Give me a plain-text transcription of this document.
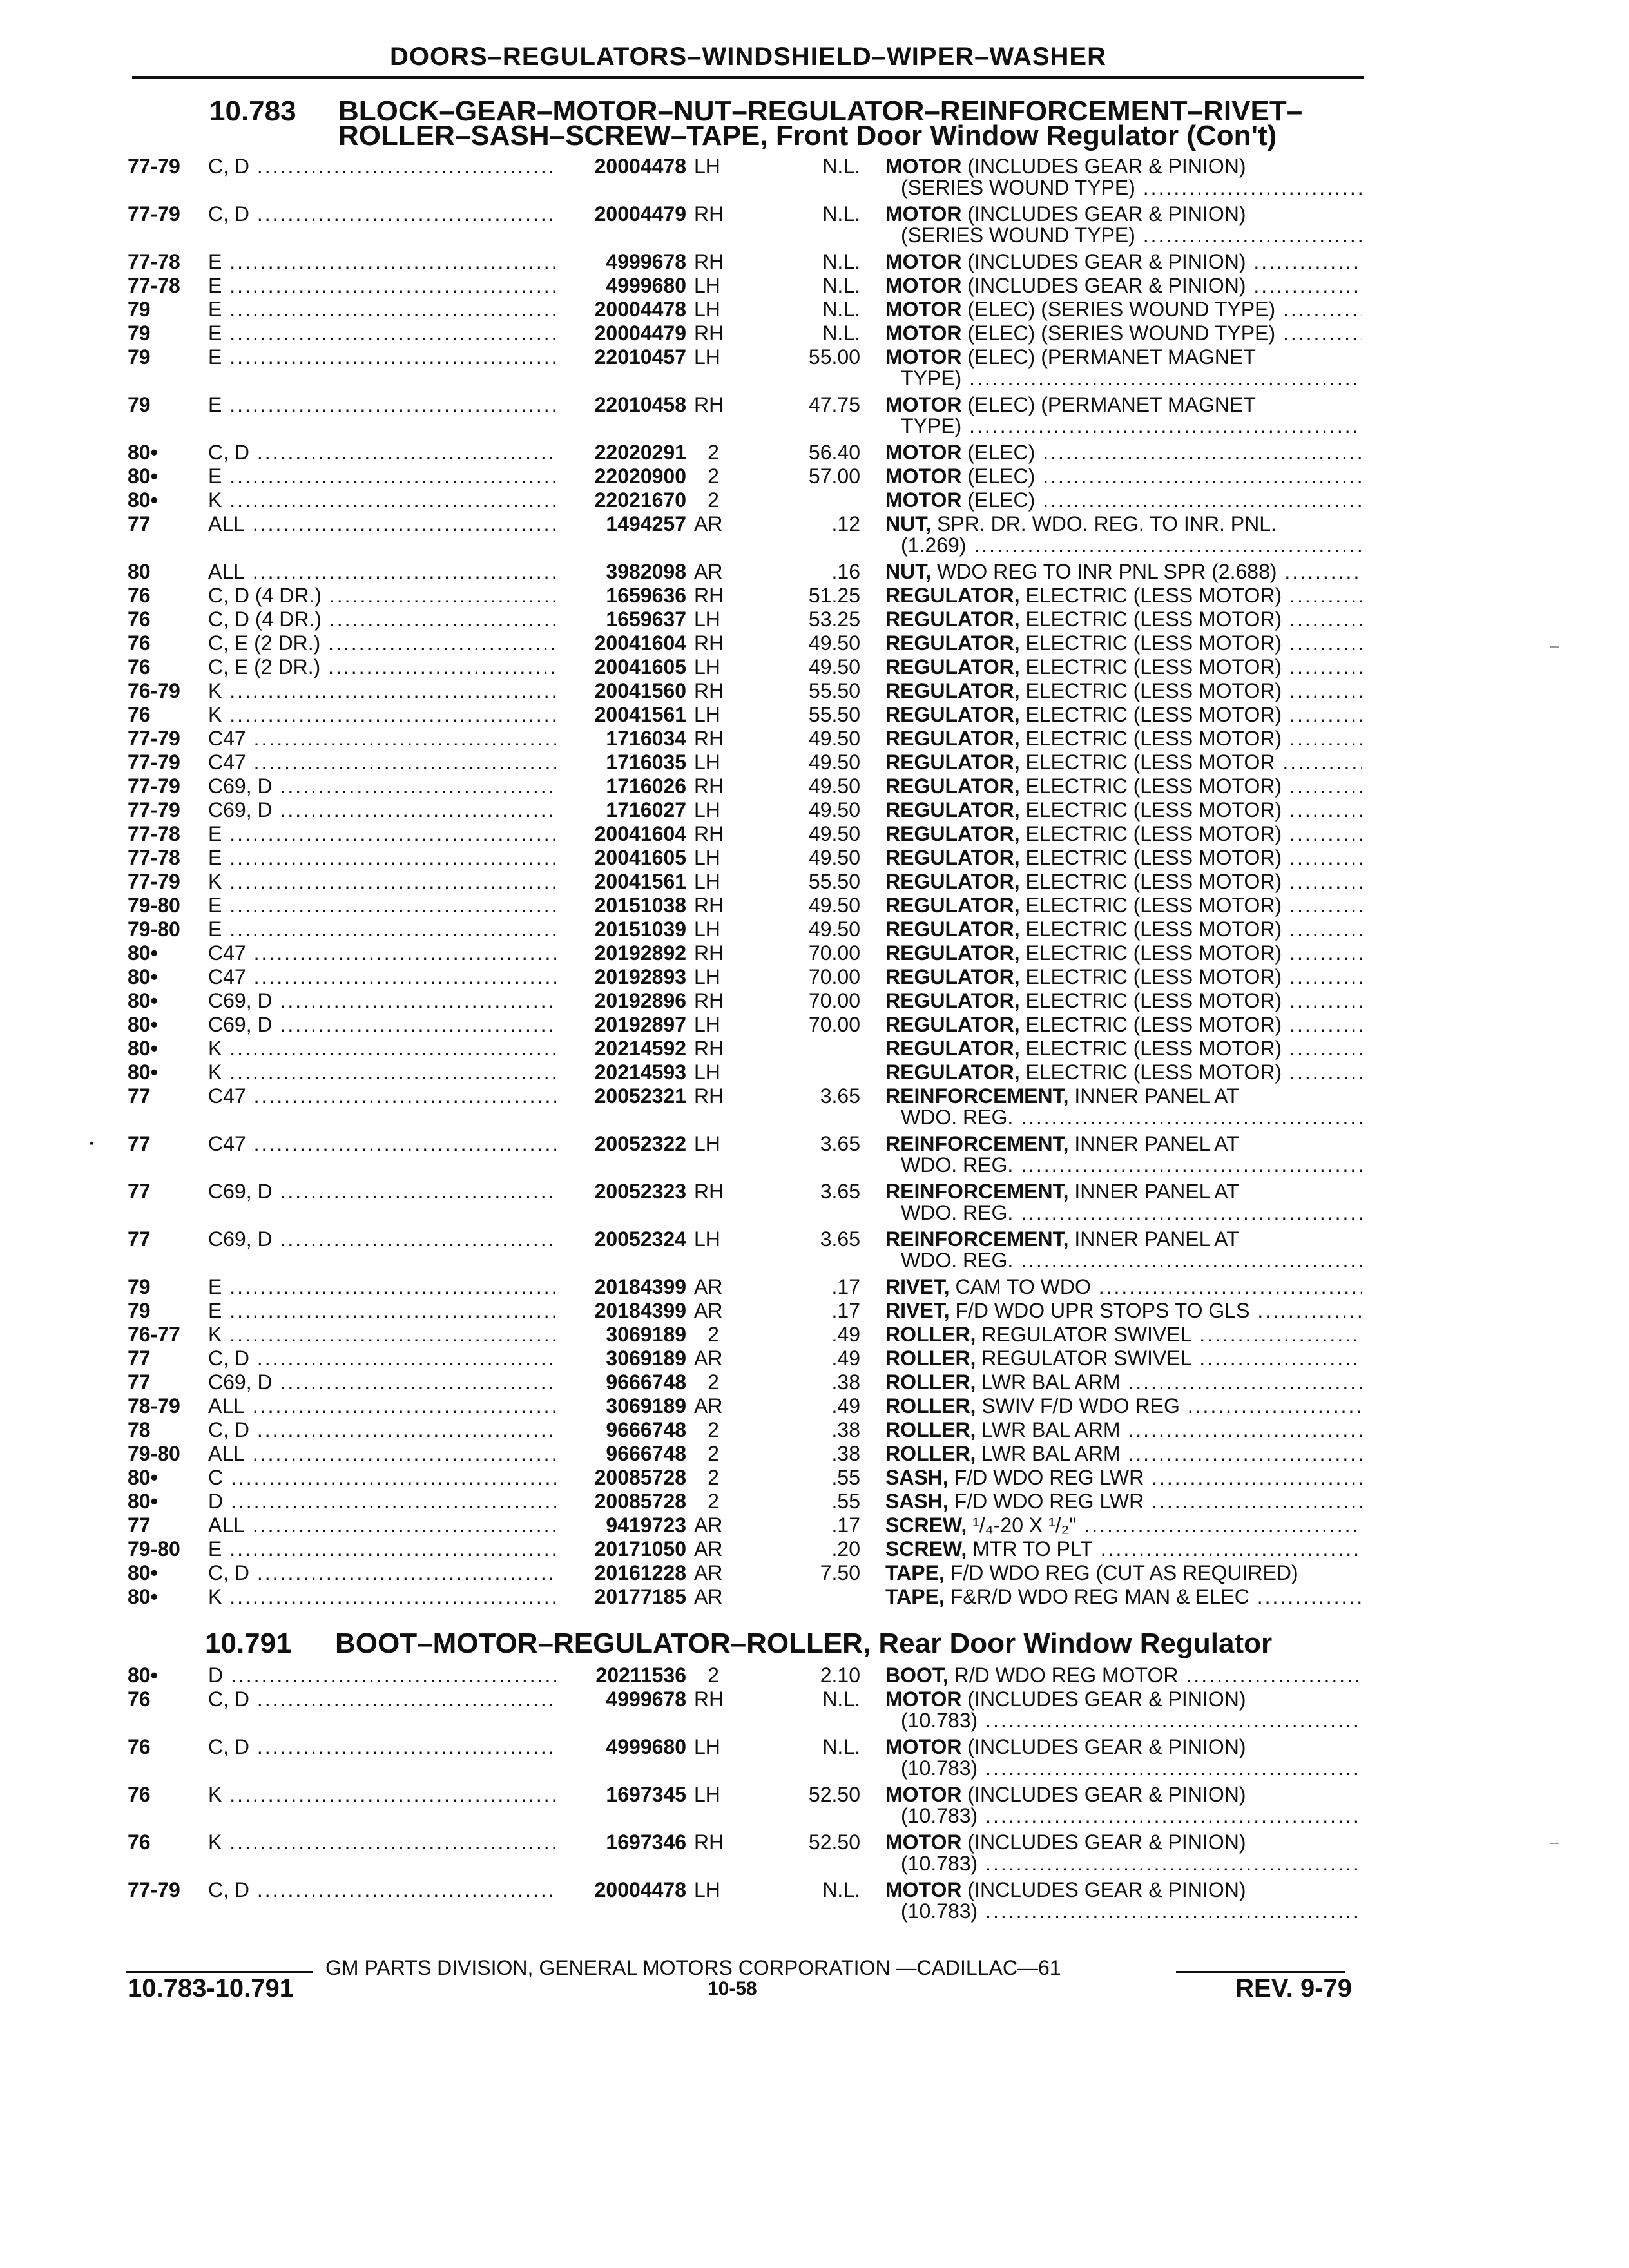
DOORS–REGULATORS–WINDSHIELD–WIPER–WASHER
10.783 BLOCK–GEAR–MOTOR–NUT–REGULATOR–REINFORCEMENT–RIVET–
ROLLER–SASH–SCREW–TAPE, Front Door Window Regulator (Con't)
77-79 C, D .....	20004478 LH	N.L. MOTOR (INCLUDES GEAR & PINION)
(SERIES WOUND TYPE) .....
77-79 C, D .....	20004479 RH	N.L. MOTOR (INCLUDES GEAR & PINION)
(SERIES WOUND TYPE) .....
77-78 E .....	4999678 RH	N.L. MOTOR (INCLUDES GEAR & PINION) .....
77-78 E .....	4999680 LH	N.L. MOTOR (INCLUDES GEAR & PINION) .....
79	E .....	20004478 LH	N.L. MOTOR (ELEC) (SERIES WOUND TYPE) .....
79	E .....	20004479 RH	N.L. MOTOR (ELEC) (SERIES WOUND TYPE) .....
79	E .....	22010457 LH	55.00 MOTOR (ELEC) (PERMANET MAGNET
TYPE) .....
79	E .....	22010458 RH	47.75 MOTOR (ELEC) (PERMANET MAGNET
TYPE) .....
80• C, D .....	22020291	2	56.40 MOTOR (ELEC) .....
80• E .....	22020900	2	57.00 MOTOR (ELEC) .....
80• K .....	22021670	2	MOTOR (ELEC) .....
77	ALL .....	1494257 AR	.12 NUT, SPR. DR. WDO. REG. TO INR. PNL.
(1.269) .....
80	ALL .....	3982098 AR	.16 NUT, WDO REG TO INR PNL SPR (2.688) .....
76	C, D (4 DR.) .....	1659636 RH	51.25 REGULATOR, ELECTRIC (LESS MOTOR) .....
76	C, D (4 DR.) .....	1659637 LH	53.25 REGULATOR, ELECTRIC (LESS MOTOR) .....
76	C, E (2 DR.) .....	20041604 RH	49.50 REGULATOR, ELECTRIC (LESS MOTOR) .....
76	C, E (2 DR.) .....	20041605 LH	49.50 REGULATOR, ELECTRIC (LESS MOTOR) .....
76-79 K .....	20041560 RH	55.50 REGULATOR, ELECTRIC (LESS MOTOR) .....
76	K .....	20041561 LH	55.50 REGULATOR, ELECTRIC (LESS MOTOR) .....
77-79 C47 .....	1716034 RH	49.50 REGULATOR, ELECTRIC (LESS MOTOR) .....
77-79 C47 .....	1716035 LH	49.50 REGULATOR, ELECTRIC (LESS MOTOR .....
77-79 C69, D .....	1716026 RH	49.50 REGULATOR, ELECTRIC (LESS MOTOR) .....
77-79 C69, D .....	1716027 LH	49.50 REGULATOR, ELECTRIC (LESS MOTOR) .....
77-78 E .....	20041604 RH	49.50 REGULATOR, ELECTRIC (LESS MOTOR) .....
77-78 E .....	20041605 LH	49.50 REGULATOR, ELECTRIC (LESS MOTOR) .....
77-79 K .....	20041561 LH	55.50 REGULATOR, ELECTRIC (LESS MOTOR) .....
79-80 E .....	20151038 RH	49.50 REGULATOR, ELECTRIC (LESS MOTOR) .....
79-80 E .....	20151039 LH	49.50 REGULATOR, ELECTRIC (LESS MOTOR) .....
80• C47 .....	20192892 RH	70.00 REGULATOR, ELECTRIC (LESS MOTOR) .....
80• C47 .....	20192893 LH	70.00 REGULATOR, ELECTRIC (LESS MOTOR) .....
80• C69, D .....	20192896 RH	70.00 REGULATOR, ELECTRIC (LESS MOTOR) .....
80• C69, D .....	20192897 LH	70.00 REGULATOR, ELECTRIC (LESS MOTOR) .....
80• K .....	20214592 RH	REGULATOR, ELECTRIC (LESS MOTOR) .....
80• K .....	20214593 LH	REGULATOR, ELECTRIC (LESS MOTOR) .....
77	C47 .....	20052321 RH	3.65 REINFORCEMENT, INNER PANEL AT
WDO. REG. .....
77	C47 .....	20052322 LH	3.65 REINFORCEMENT, INNER PANEL AT
WDO. REG. .....
77	C69, D .....	20052323 RH	3.65 REINFORCEMENT, INNER PANEL AT
WDO. REG. .....
77	C69, D .....	20052324 LH	3.65 REINFORCEMENT, INNER PANEL AT
WDO. REG. .....
79	E .....	20184399 AR	.17 RIVET, CAM TO WDO .....
79	E .....	20184399 AR	.17 RIVET, F/D WDO UPR STOPS TO GLS .....
76-77 K .....	3069189	2	.49 ROLLER, REGULATOR SWIVEL .....
77	C, D .....	3069189 AR	.49 ROLLER, REGULATOR SWIVEL .....
77	C69, D .....	9666748	2	.38 ROLLER, LWR BAL ARM .....
78-79 ALL .....	3069189 AR	.49 ROLLER, SWIV F/D WDO REG .....
78	C, D .....	9666748	2	.38 ROLLER, LWR BAL ARM .....
79-80 ALL .....	9666748	2	.38 ROLLER, LWR BAL ARM .....
80• C .....	20085728	2	.55 SASH, F/D WDO REG LWR .....
80• D .....	20085728	2	.55 SASH, F/D WDO REG LWR .....
77	ALL .....	9419723 AR	.17 SCREW, ¹/₄-20 X ¹/₂" .....
79-80 E .....	20171050 AR	.20 SCREW, MTR TO PLT .....
80• C, D .....	20161228 AR	7.50 TAPE, F/D WDO REG (CUT AS REQUIRED)
80• K .....	20177185 AR	TAPE, F&R/D WDO REG MAN & ELEC .....
10.791 BOOT–MOTOR–REGULATOR–ROLLER, Rear Door Window Regulator
80• D .....	20211536	2	2.10 BOOT, R/D WDO REG MOTOR .....
76	C, D .....	4999678 RH	N.L. MOTOR (INCLUDES GEAR & PINION)
(10.783) .....
76	C, D .....	4999680 LH	N.L. MOTOR (INCLUDES GEAR & PINION)
(10.783) .....
76	K .....	1697345 LH	52.50 MOTOR (INCLUDES GEAR & PINION)
(10.783) .....
76	K .....	1697346 RH	52.50 MOTOR (INCLUDES GEAR & PINION)
(10.783) .....
77-79 C, D .....	20004478 LH	N.L. MOTOR (INCLUDES GEAR & PINION)
(10.783) .....
GM PARTS DIVISION, GENERAL MOTORS CORPORATION —CADILLAC—61
10.783-10.791	10-58	REV. 9-79
·
